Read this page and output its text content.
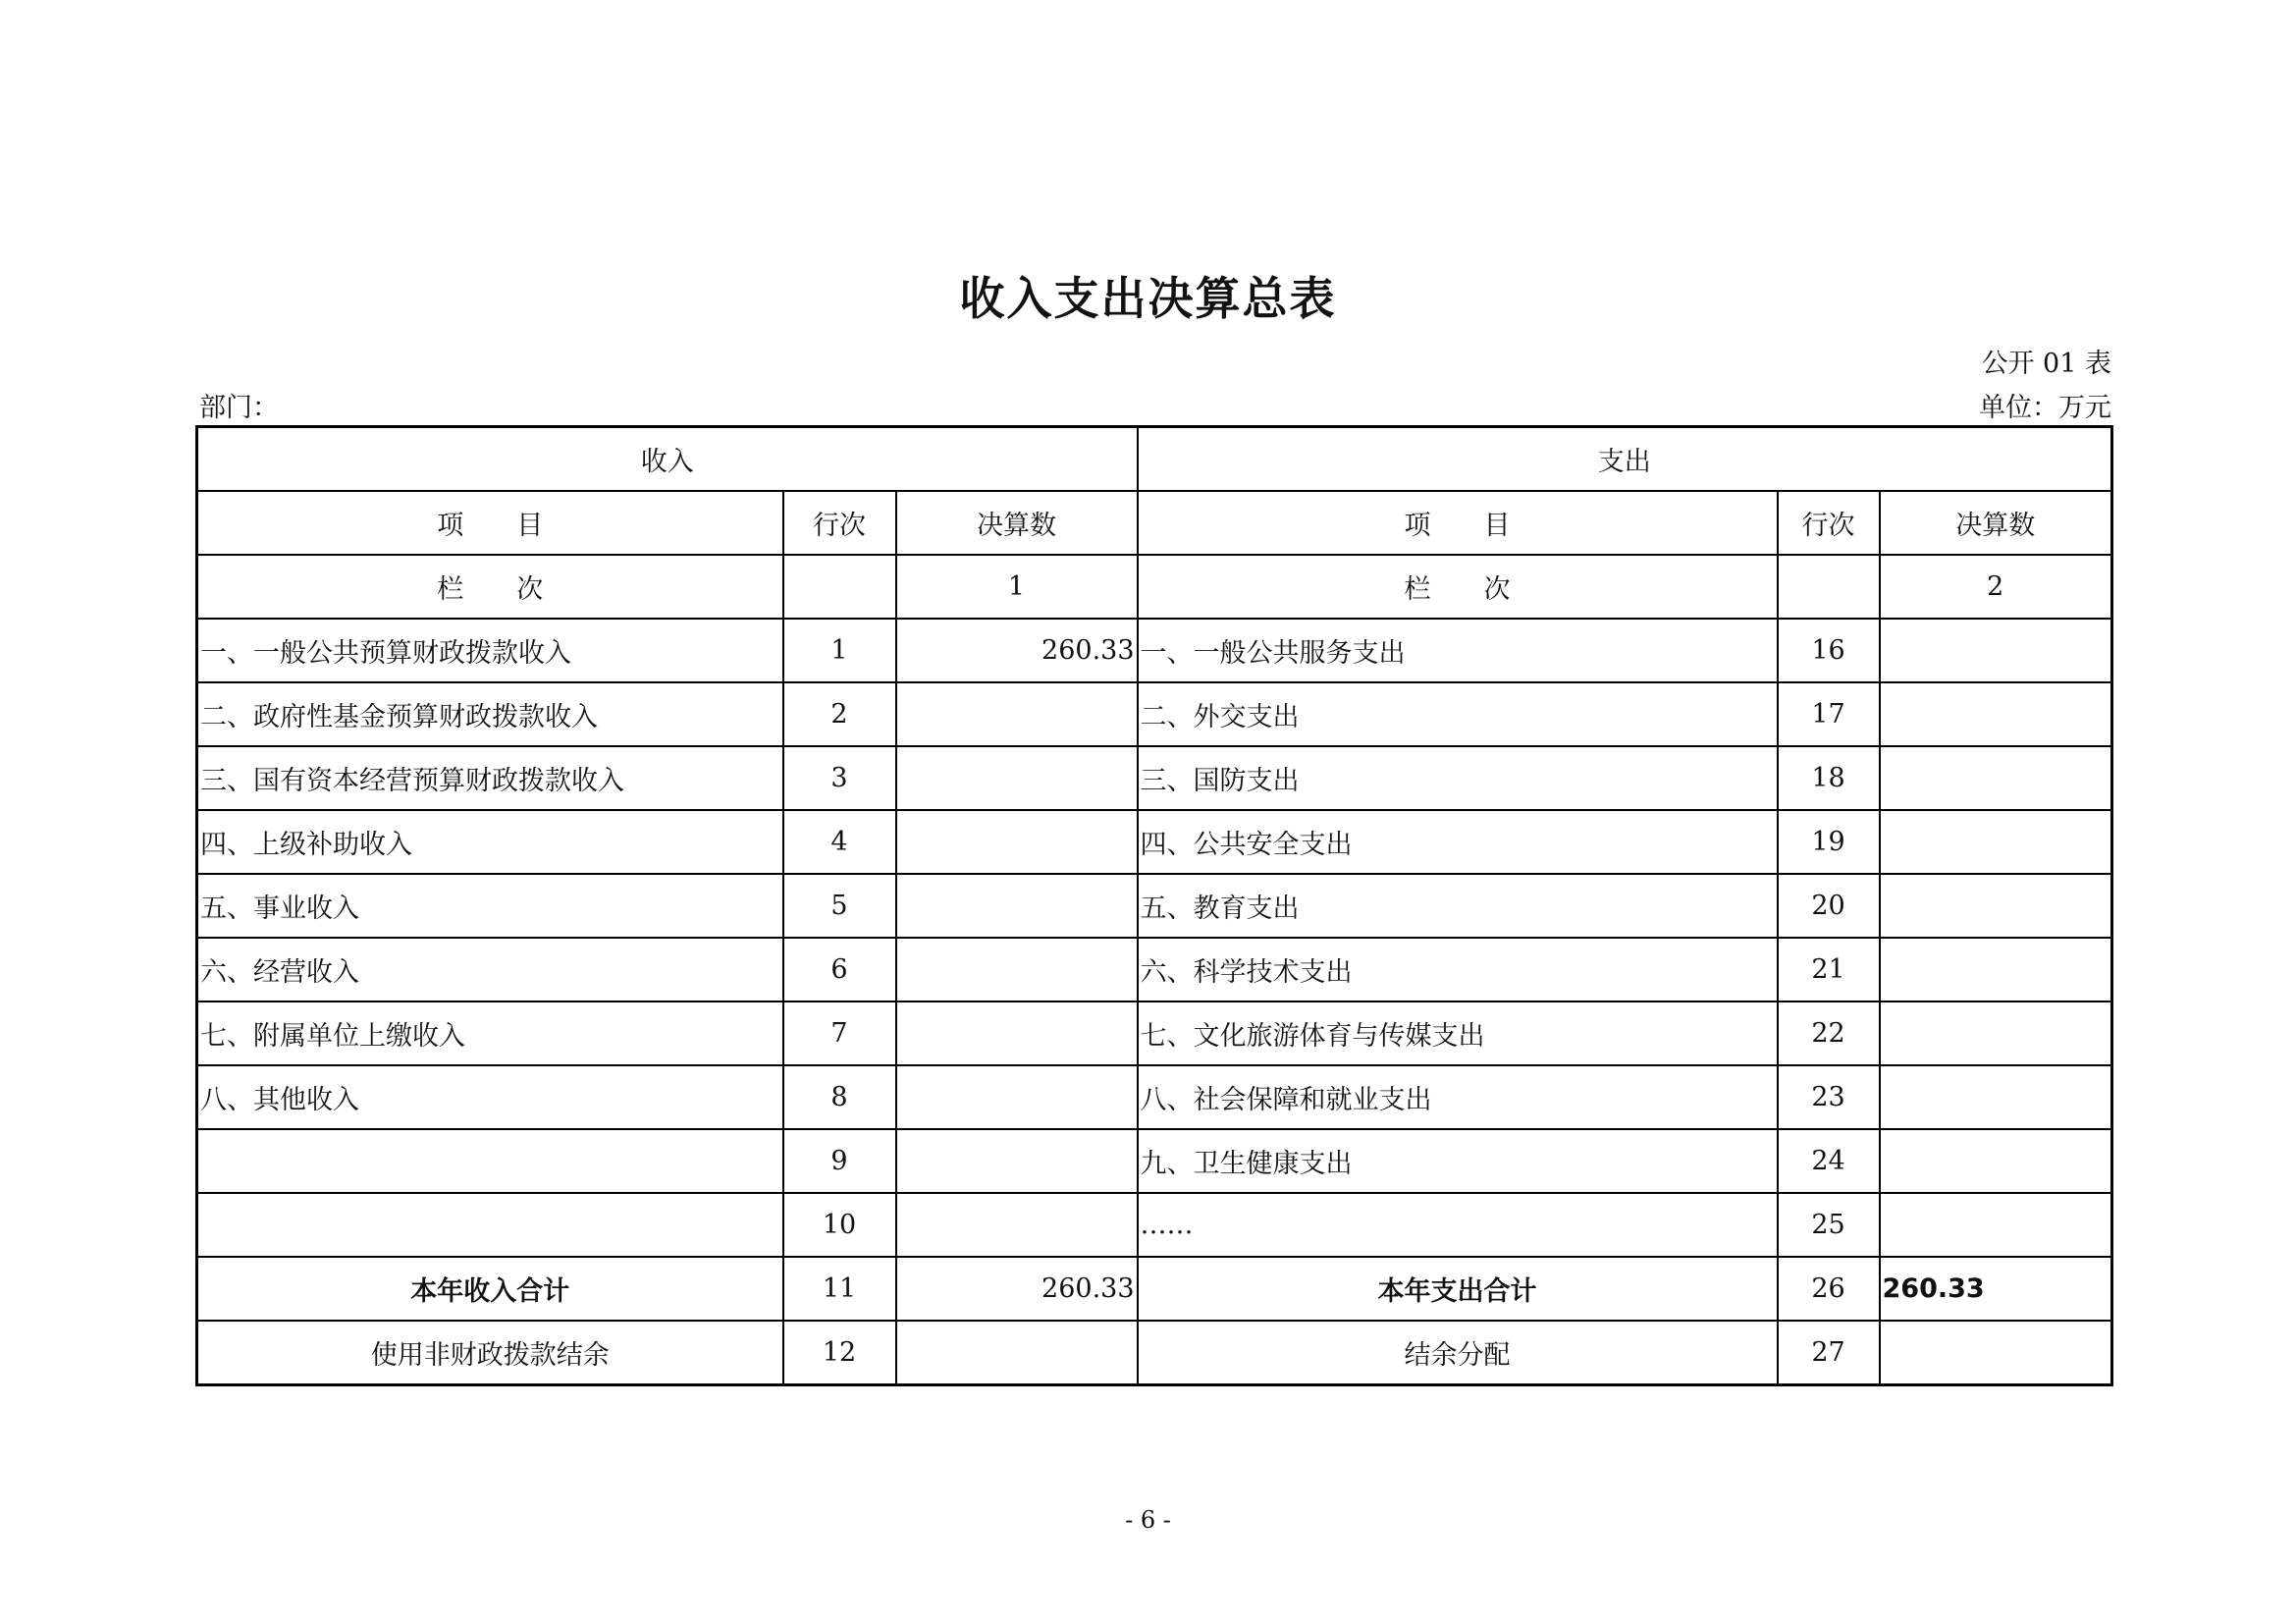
收入支出决算总表
公开 01 表
部门：	单位：万元
收入			支出		
项　　目	行次	决算数	项　　目	行次	决算数
栏　　次		1	栏　　次		2
一、一般公共预算财政拨款收入	1	260.33	一、一般公共服务支出	16	
二、政府性基金预算财政拨款收入	2		二、外交支出	17	
三、国有资本经营预算财政拨款收入	3		三、国防支出	18	
四、上级补助收入	4		四、公共安全支出	19	
五、事业收入	5		五、教育支出	20	
六、经营收入	6		六、科学技术支出	21	
七、附属单位上缴收入	7		七、文化旅游体育与传媒支出	22	
八、其他收入	8		八、社会保障和就业支出	23	
	9		九、卫生健康支出	24	
	10		……	25	
本年收入合计	11	260.33	本年支出合计	26	260.33
使用非财政拨款结余	12		结余分配	27	
- 6 -
